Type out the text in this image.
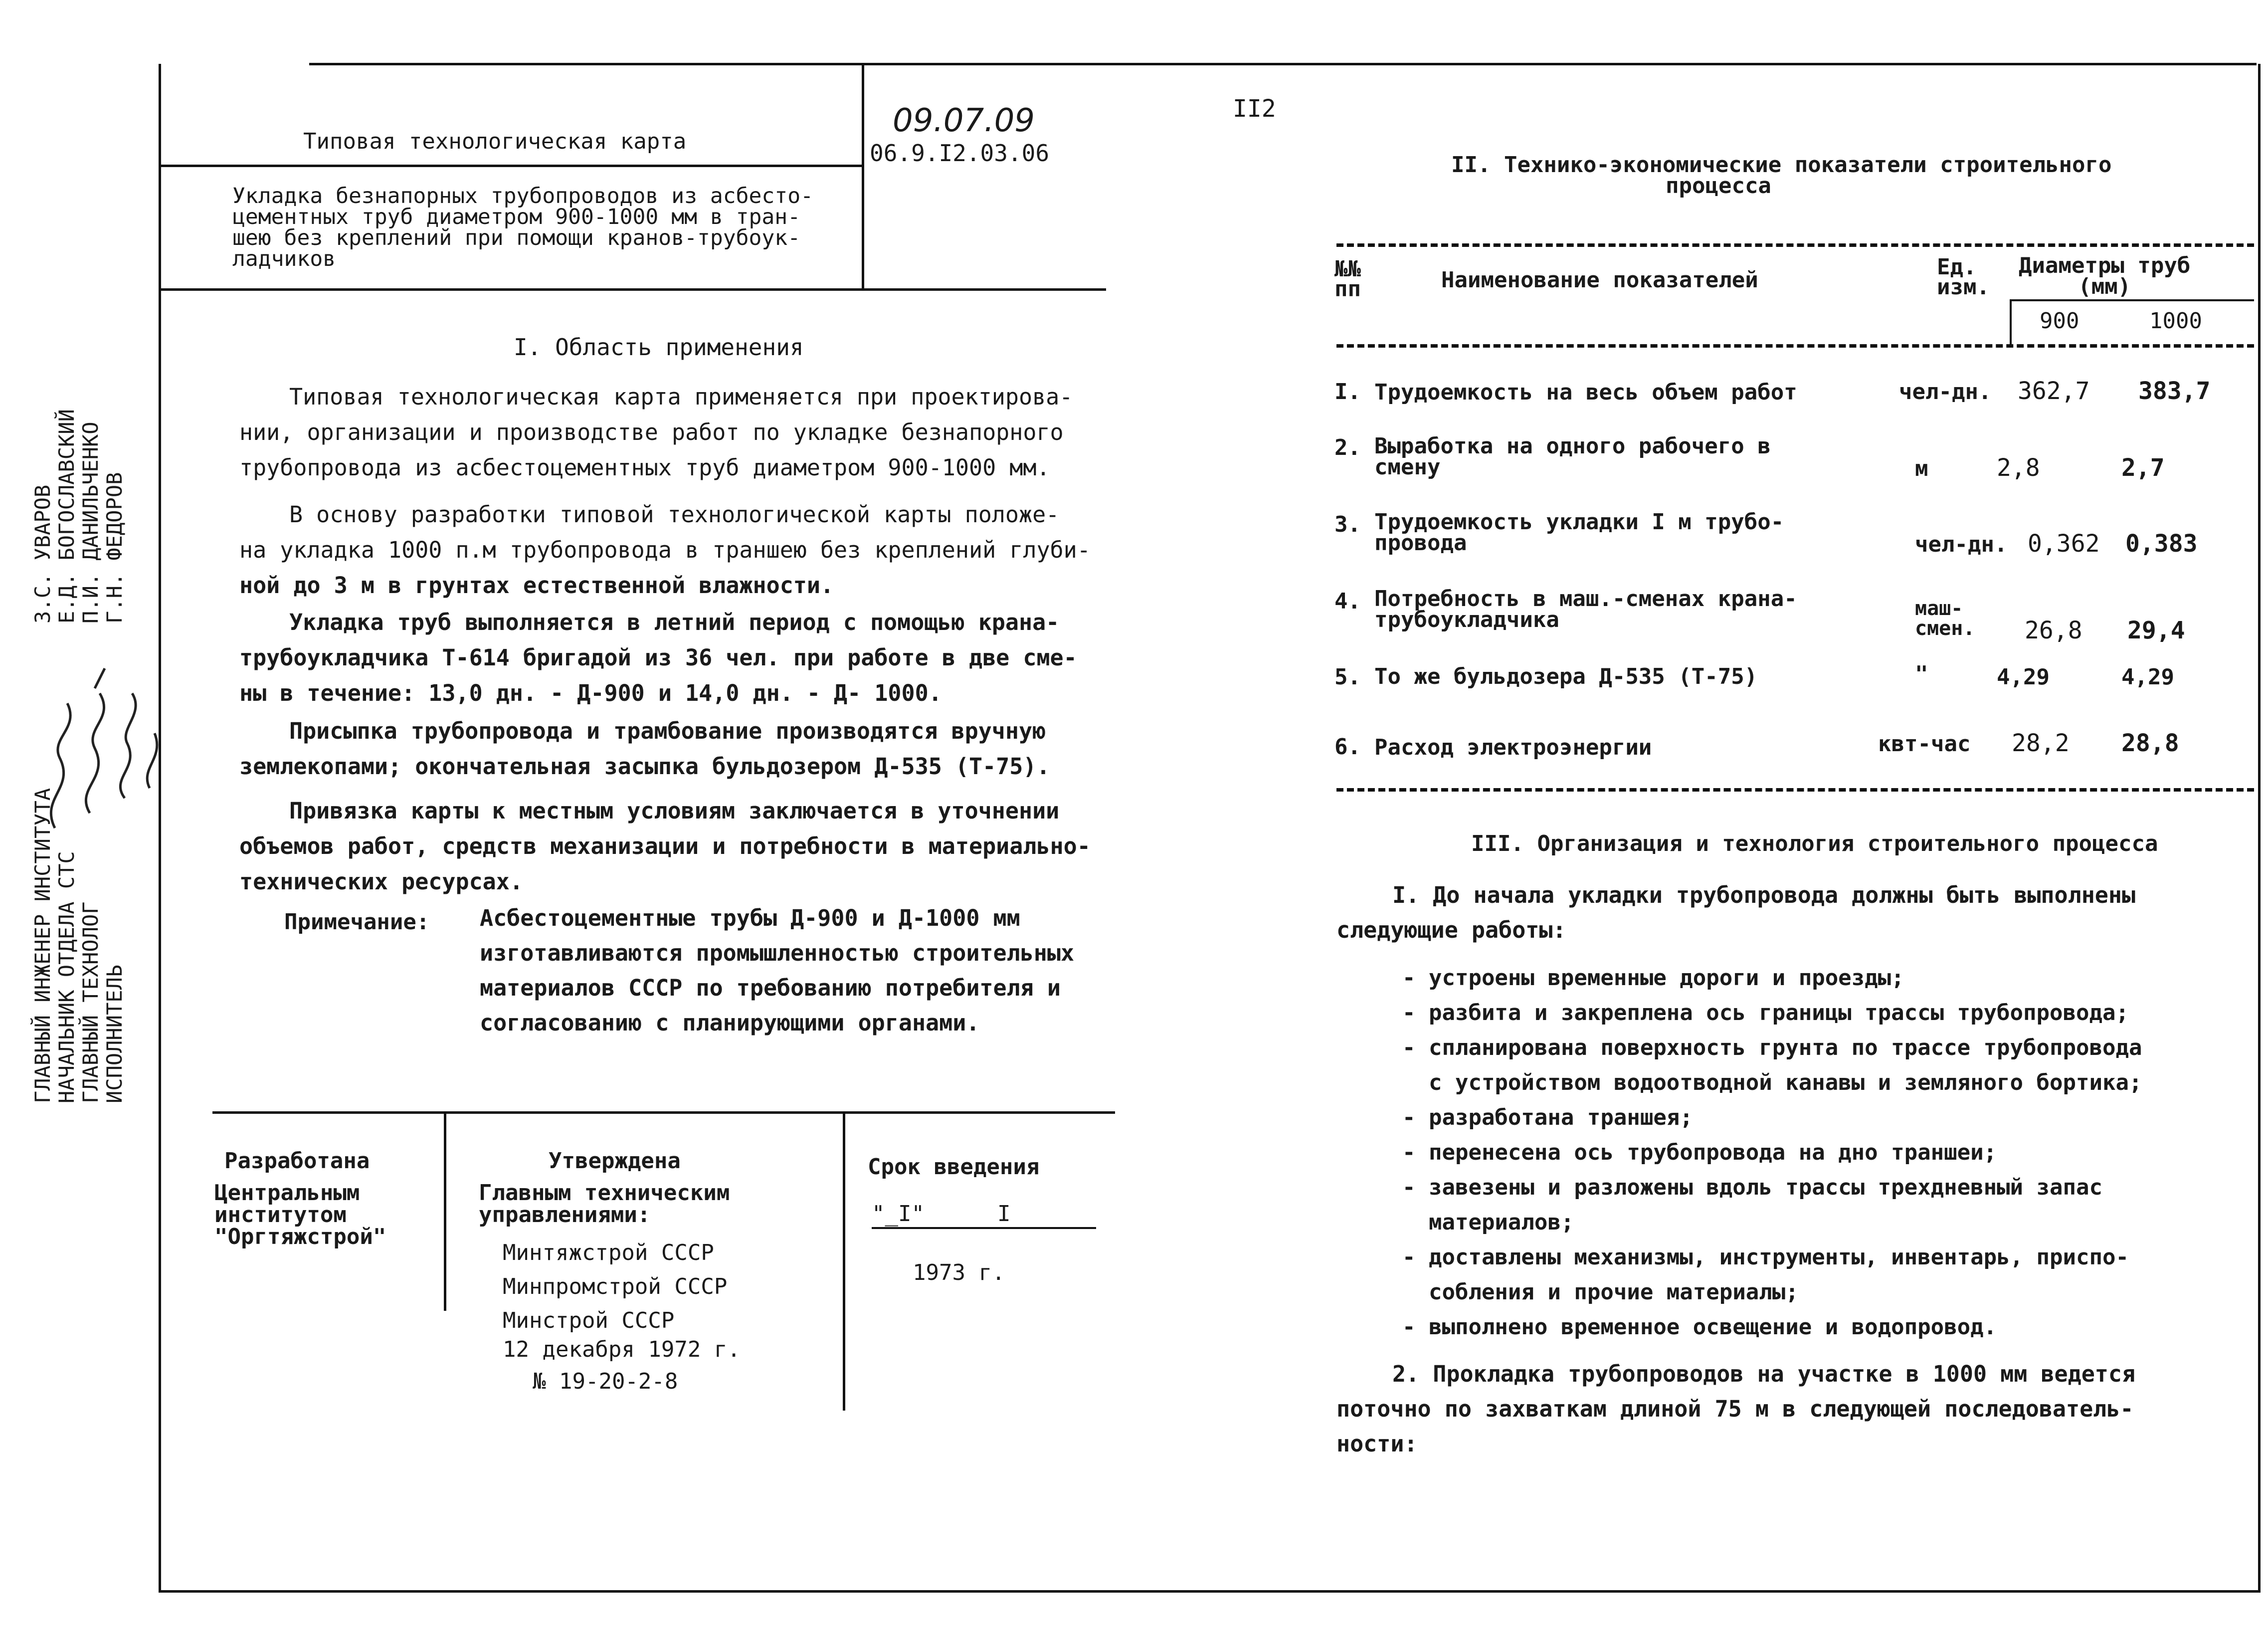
Типовая технологическая карта
09.07.09
06.9.I2.03.06
II2
Укладка безнапорных трубопроводов из асбесто-
цементных труб диаметром 900-1000 мм в тран-
шею без креплений при помощи кранов-трубоук-
ладчиков
ГЛАВНЫЙ ИНЖЕНЕР ИНСТИТУТА НАЧАЛЬНИК ОТДЕЛА СТС ГЛАВНЫЙ ТЕХНОЛОГ ИСПОЛНИТЕЛЬ
З.С. УВАРОВ Е.Д. БОГОСЛАВСКИЙ П.И. ДАНИЛЬЧЕНКО Г.Н. ФЕДОРОВ
I. Область применения

Типовая технологическая карта применяется при проектирова-

нии, организации и производстве работ по укладке безнапорного

трубопровода из асбестоцементных труб диаметром 900-1000 мм.

В основу разработки типовой технологической карты положе-

на укладка 1000 п.м трубопровода в траншею без креплений глуби-

ной до 3 м в грунтах естественной влажности.

Укладка труб выполняется в летний период с помощью крана-

трубоукладчика Т-614 бригадой из 36 чел. при работе в две сме-

ны в течение: 13,0 дн. - Д-900 и 14,0 дн. - Д- 1000.

Присыпка трубопровода и трамбование производятся вручную

землекопами; окончательная засыпка бульдозером Д-535 (Т-75).

Привязка карты к местным условиям заключается в уточнении

объемов работ, средств механизации и потребности в материально-

технических ресурсах.

Примечание: Асбестоцементные трубы Д-900 и Д-1000 мм

изготавливаются промышленностью строительных

материалов СССР по требованию потребителя и

согласованию с планирующими органами.

Разработана
Центральным
институтом
"Оргтяжстрой"
Утверждена
Главным техническим
управлениями:
Минтяжстрой СССР
Минпромстрой СССР
Минстрой СССР
12 декабря 1972 г.
№ 19-20-2-8
Срок введения
"_I"	I
1973 г.
II. Технико-экономические показатели строительного
процесса
№№
пп	Наименование показателей
Ед.
изм.
Диаметры труб
(мм)
900	1000
I. Трудоемкость на весь объем работ	чел-дн. 362,7 383,7
2. Выработка на одного рабочего в
смену	м	2,8	2,7
3. Трудоемкость укладки I м трубо-
провода	чел-дн. 0,362 0,383
4. Потребность в маш.-сменах крана-
трубоукладчика	маш-
смен. 26,8 29,4
5. То же бульдозера Д-535 (Т-75)	"	4,29	4,29
6. Расход электроэнергии	квт-час 28,2 28,8
III. Организация и технология строительного процесса

I. До начала укладки трубопровода должны быть выполнены

следующие работы:

- устроены временные дороги и проезды;
- разбита и закреплена ось границы трассы трубопровода;
- спланирована поверхность грунта по трассе трубопровода
с устройством водоотводной канавы и земляного бортика;
- разработана траншея;
- перенесена ось трубопровода на дно траншеи;
- завезены и разложены вдоль трассы трехдневный запас
материалов;
- доставлены механизмы, инструменты, инвентарь, приспо-
собления и прочие материалы;
- выполнено временное освещение и водопровод.

2. Прокладка трубопроводов на участке в 1000 мм ведется

поточно по захваткам длиной 75 м в следующей последователь-

ности:
